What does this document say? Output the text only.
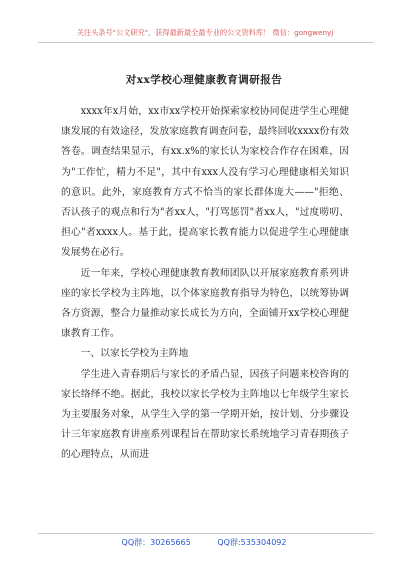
关注头条号"公文研究"，获得最新最全最专业的公文资料库！ 微信：gongwenyj
对xx学校心理健康教育调研报告

xxxx年x月始，xx市xx学校开始探索家校协同促进学生心理健康发展的有效途径，发放家庭教育调查问卷，最终回收xxxx份有效答卷。调查结果显示，有xx.x%的家长认为家校合作存在困难，因为"工作忙，精力不足"，其中有xxx人没有学习心理健康相关知识的意识。此外，家庭教育方式不恰当的家长群体庞大——"拒绝、否认孩子的观点和行为"者xx人，"打骂惩罚"者xx人，"过度唠叨、担心"者xxxx人。基于此，提高家长教育能力以促进学生心理健康发展势在必行。

近一年来，学校心理健康教育教师团队以开展家庭教育系列讲座的家长学校为主阵地，以个体家庭教育指导为特色，以统筹协调各方资源，整合力量推动家长成长为方向，全面铺开xx学校心理健康教育工作。

一、以家长学校为主阵地

学生进入青春期后与家长的矛盾凸显，因孩子问题来校咨询的家长络绎不绝。据此，我校以家长学校为主阵地以七年级学生家长为主要服务对象，从学生入学的第一学期开始，按计划、分步骤设计三年家庭教育讲座系列课程旨在帮助家长系统地学习青春期孩子的心理特点，从而进

QQ群：30265665	QQ群:535304092
